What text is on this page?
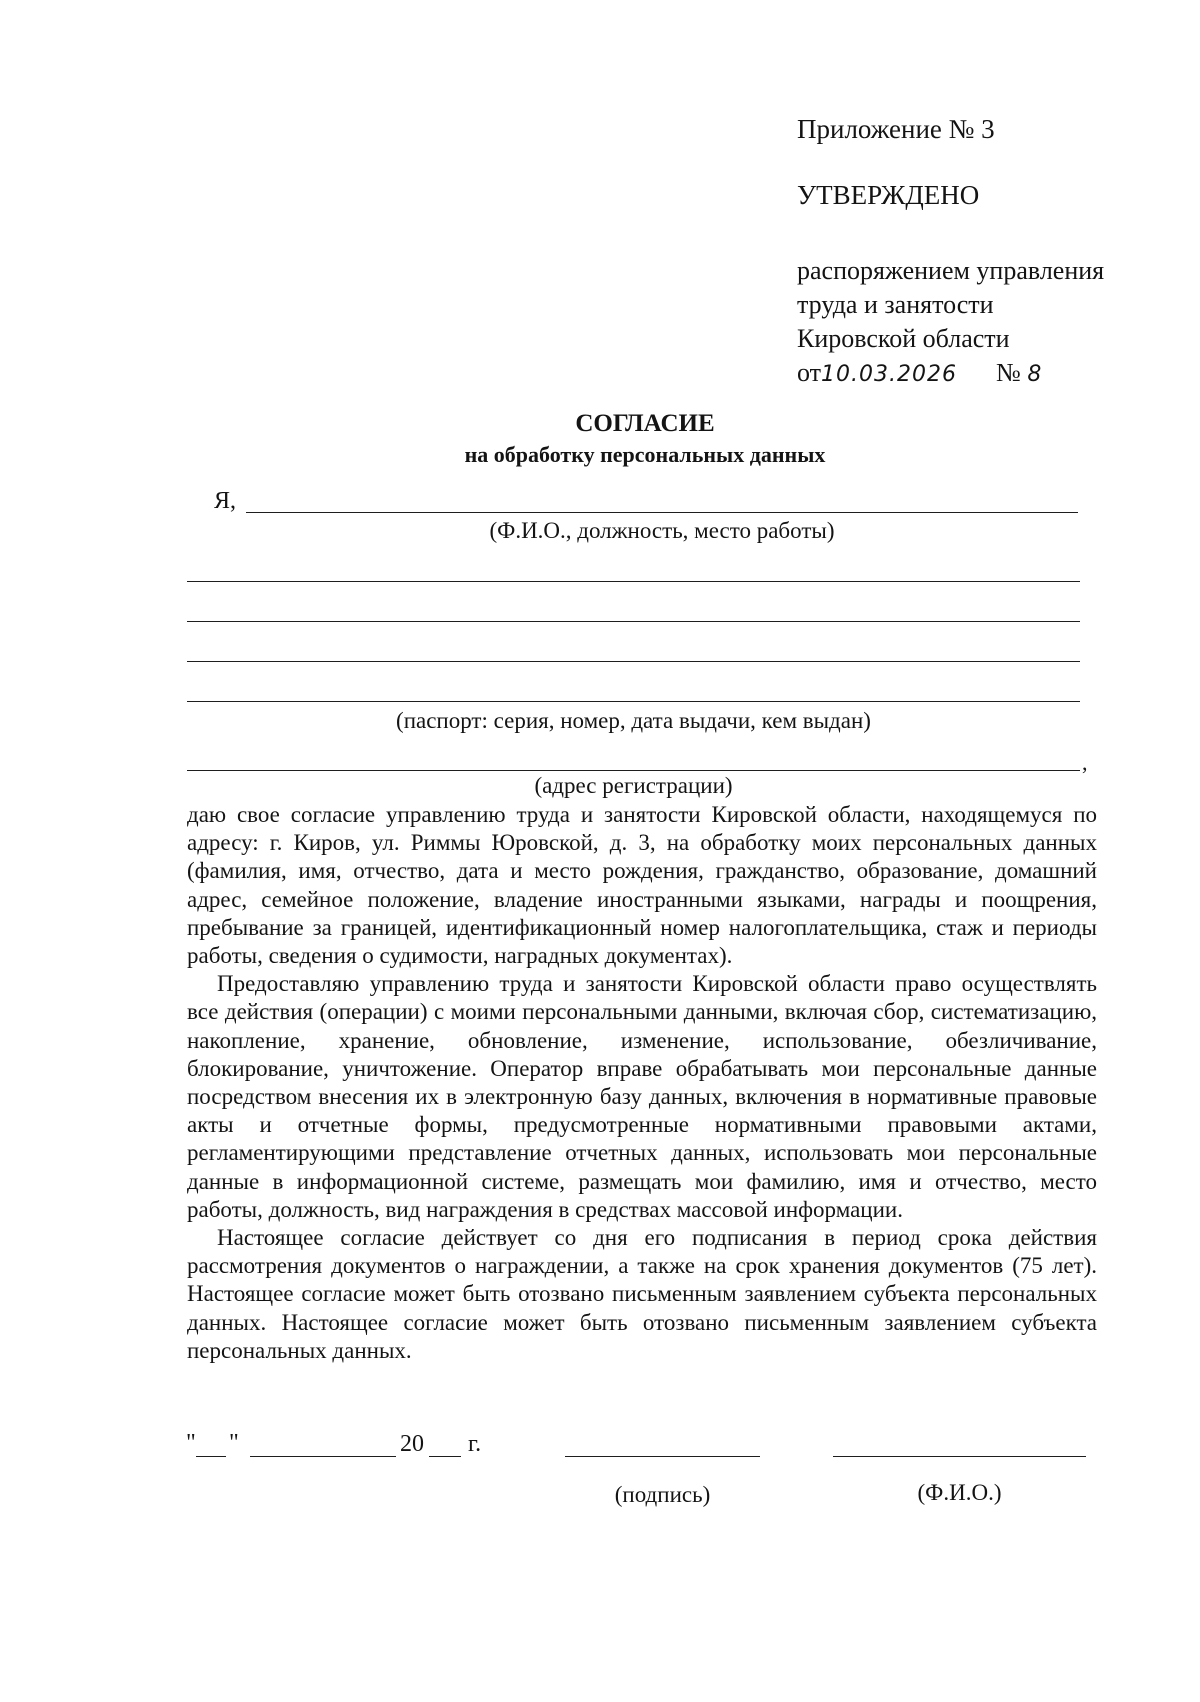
Приложение № 3
УТВЕРЖДЕНО
распоряжением управления
труда и занятости
Кировской области
от10.03.2026 № 8
СОГЛАСИЕ
на обработку персональных данных
Я,
(Ф.И.О., должность, место работы)
(паспорт: серия, номер, дата выдачи, кем выдан)
,
(адрес регистрации)

даю свое согласие управлению труда и занятости Кировской области, находящемуся по адресу: г. Киров, ул. Риммы Юровской, д. 3, на обработку моих персональных данных (фамилия, имя, отчество, дата и место рождения, гражданство, образование, домашний адрес, семейное положение, владение иностранными языками, награды и поощрения, пребывание за границей, идентификационный номер налогоплательщика, стаж и периоды работы, сведения о судимости, наградных документах).

Предоставляю управлению труда и занятости Кировской области право осуществлять все действия (операции) с моими персональными данными, включая сбор, систематизацию, накопление, хранение, обновление, изменение, использование, обезличивание, блокирование, уничтожение. Оператор вправе обрабатывать мои персональные данные посредством внесения их в электронную базу данных, включения в нормативные правовые акты и отчетные формы, предусмотренные нормативными правовыми актами, регламентирующими представление отчетных данных, использовать мои персональные данные в информационной системе, размещать мои фамилию, имя и отчество, место работы, должность, вид награждения в средствах массовой информации.

Настоящее согласие действует со дня его подписания в период срока действия рассмотрения документов о награждении, а также на срок хранения документов (75 лет). Настоящее согласие может быть отозвано письменным заявлением субъекта персональных данных. Настоящее согласие может быть отозвано письменным заявлением субъекта персональных данных.

" "	20 г.
(подпись)	(Ф.И.О.)
